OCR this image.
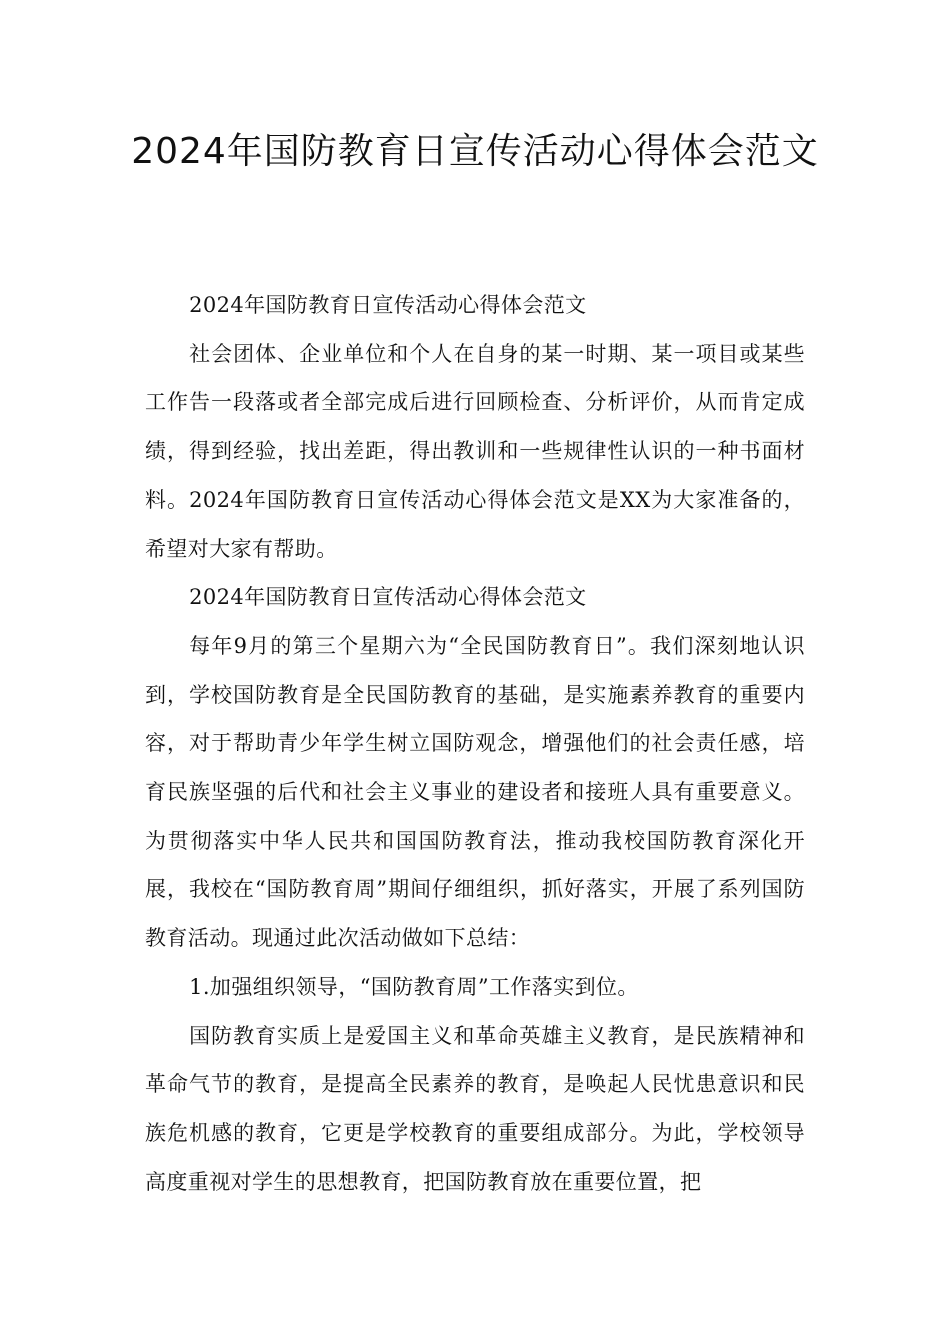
2024年国防教育日宣传活动心得体会范文

2024年国防教育日宣传活动心得体会范文

社会团体、企业单位和个人在自身的某一时期、某一项目或某些工作告一段落或者全部完成后进行回顾检查、分析评价，从而肯定成绩，得到经验，找出差距，得出教训和一些规律性认识的一种书面材料。2024年国防教育日宣传活动心得体会范文是XX为大家准备的，希望对大家有帮助。

2024年国防教育日宣传活动心得体会范文

每年9月的第三个星期六为“全民国防教育日”。我们深刻地认识到，学校国防教育是全民国防教育的基础，是实施素养教育的重要内容，对于帮助青少年学生树立国防观念，增强他们的社会责任感，培育民族坚强的后代和社会主义事业的建设者和接班人具有重要意义。为贯彻落实中华人民共和国国防教育法，推动我校国防教育深化开展，我校在“国防教育周”期间仔细组织，抓好落实，开展了系列国防教育活动。现通过此次活动做如下总结：

1.加强组织领导，“国防教育周”工作落实到位。

国防教育实质上是爱国主义和革命英雄主义教育，是民族精神和革命气节的教育，是提高全民素养的教育，是唤起人民忧患意识和民族危机感的教育，它更是学校教育的重要组成部分。为此，学校领导高度重视对学生的思想教育，把国防教育放在重要位置，把
